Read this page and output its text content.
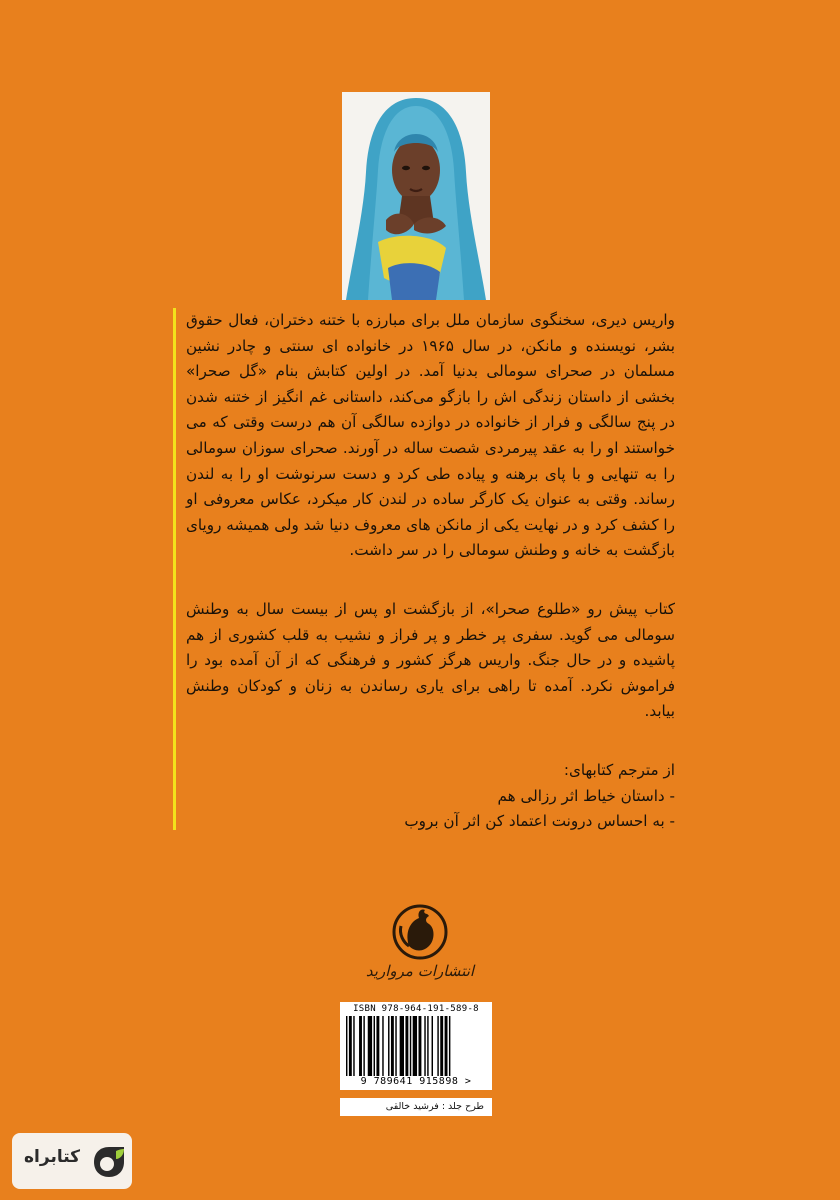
واریس دیری، سخنگوی سازمان ملل برای مبارزه با ختنه دختران، فعال حقوق بشر، نویسنده و مانکن، در سال ۱۹۶۵ در خانواده ای سنتی و چادر نشین مسلمان در صحرای سومالی بدنیا آمد. در اولین کتابش بنام «گل صحرا» بخشی از داستان زندگی اش را بازگو می‌کند، داستانی غم انگیز از ختنه شدن در پنج سالگی و فرار از خانواده در دوازده سالگی آن هم درست وقتی که می خواستند او را به عقد پیرمردی شصت ساله در آورند. صحرای سوزان سومالی را به تنهایی و با پای برهنه و پیاده طی کرد و دست سرنوشت او را به لندن رساند. وقتی به عنوان یک کارگر ساده در لندن کار میکرد، عکاس معروفی او را کشف کرد و در نهایت یکی از مانکن های معروف دنیا شد ولی همیشه رویای بازگشت به خانه و وطنش سومالی را در سر داشت.

کتاب پیش رو «طلوع صحرا»، از بازگشت او پس از بیست سال به وطنش سومالی می گوید. سفری پر خطر و پر فراز و نشیب به قلب کشوری از هم پاشیده و در حال جنگ. واریس هرگز کشور و فرهنگی که از آن آمده بود را فراموش نکرد. آمده تا راهی برای یاری رساندن به زنان و کودکان وطنش بیابد.

از مترجم کتابهای:
- داستان خیاط اثر رزالی هم
- به احساس درونت اعتماد کن اثر آن بروب
انتشارات مروارید
ISBN 978-964-191-589-8
9 789641 915898 >
طرح جلد : فرشید خالقی
کتابراه
